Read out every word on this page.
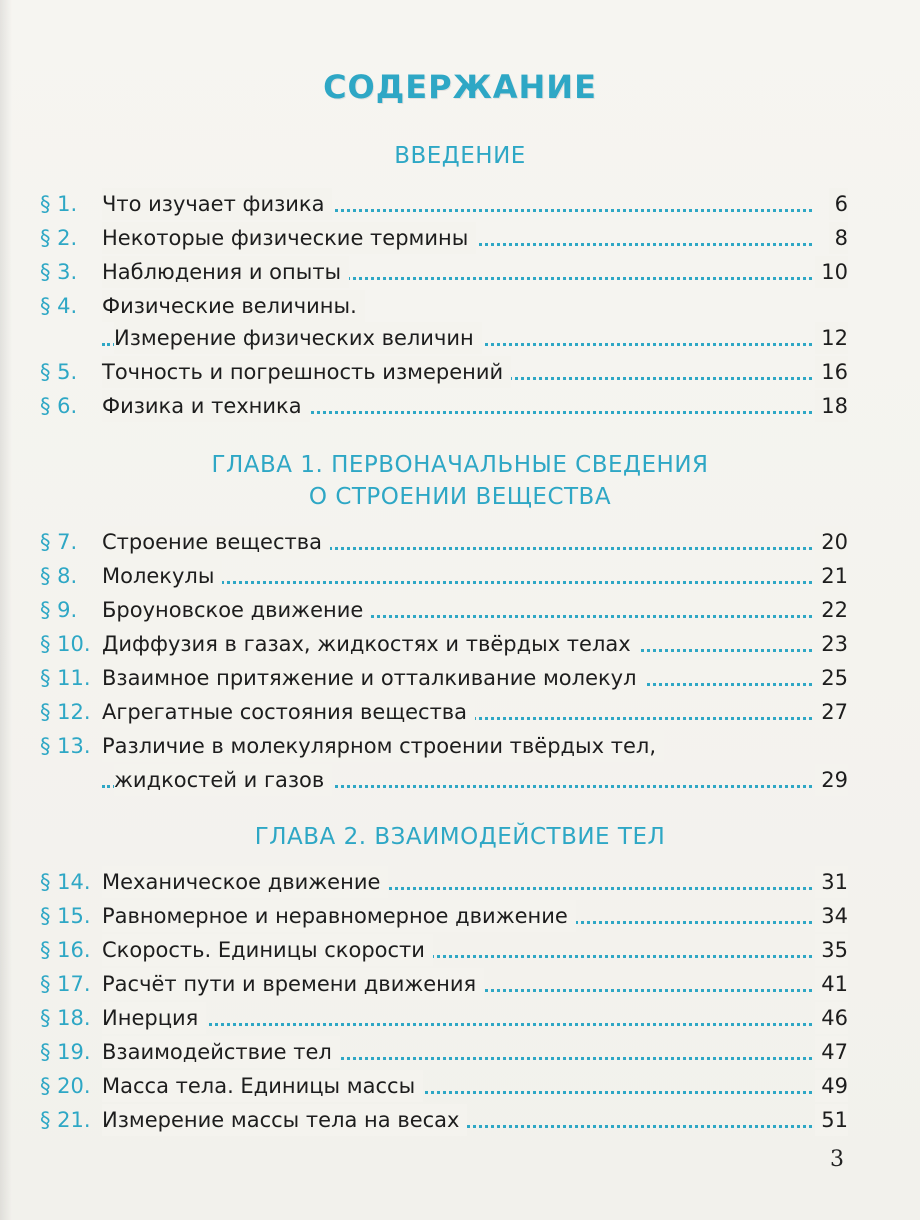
СОДЕРЖАНИЕ
ВВЕДЕНИЕ
§ 1. Что изучает физика	6
§ 2. Некоторые физические термины	8
§ 3. Наблюдения и опыты	10
§ 4. Физические величины.
Измерение физических величин	12
§ 5. Точность и погрешность измерений	16
§ 6. Физика и техника	18
ГЛАВА 1. ПЕРВОНАЧАЛЬНЫЕ СВЕДЕНИЯ
О СТРОЕНИИ ВЕЩЕСТВА
§ 7. Строение вещества	20
§ 8. Молекулы	21
§ 9. Броуновское движение	22
§ 10. Диффузия в газах, жидкостях и твёрдых телах	23
§ 11. Взаимное притяжение и отталкивание молекул	25
§ 12. Агрегатные состояния вещества	27
§ 13. Различие в молекулярном строении твёрдых тел,
жидкостей и газов	29
ГЛАВА 2. ВЗАИМОДЕЙСТВИЕ ТЕЛ
§ 14. Механическое движение	31
§ 15. Равномерное и неравномерное движение	34
§ 16. Скорость. Единицы скорости	35
§ 17. Расчёт пути и времени движения	41
§ 18. Инерция	46
§ 19. Взаимодействие тел	47
§ 20. Масса тела. Единицы массы	49
§ 21. Измерение массы тела на весах	51
3
